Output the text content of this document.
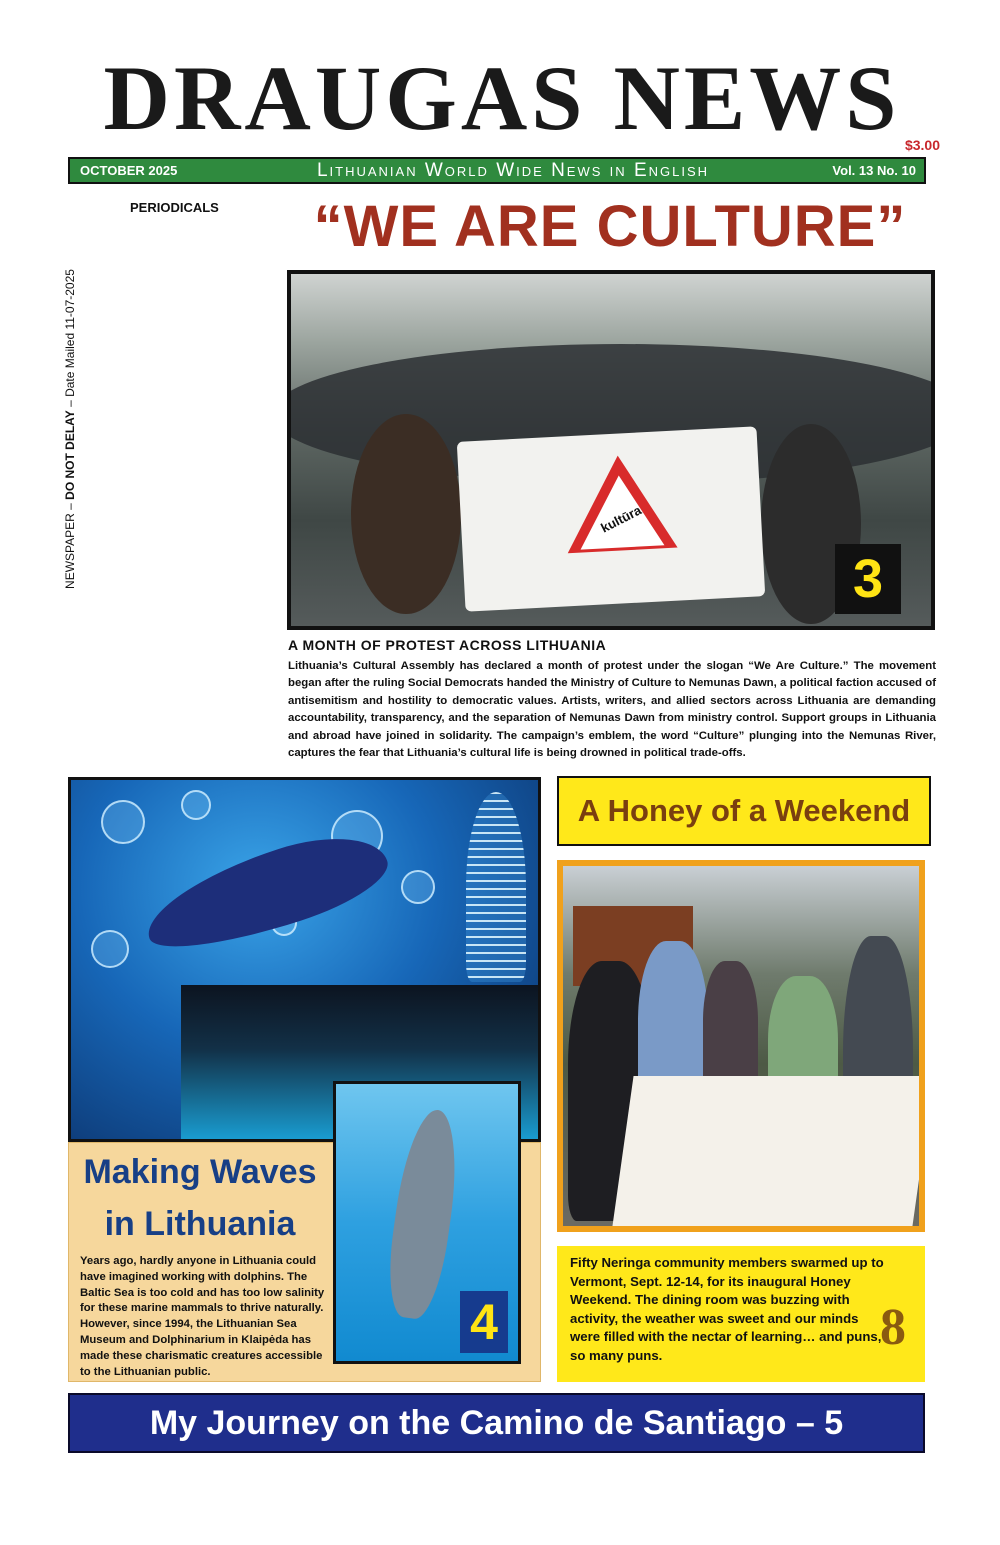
DRAUGAS NEWS $3.00
OCTOBER 2025	Lithuanian World Wide News in English	Vol. 13 No. 10
PERIODICALS
NEWSPAPER – DO NOT DELAY – Date Mailed 11-07-2025
“WE ARE CULTURE”
kultūra
3
A MONTH OF PROTEST ACROSS LITHUANIA
Lithuania’s Cultural Assembly has declared a month of protest under the slogan “We Are Culture.” The movement began after the ruling Social Democrats handed the Ministry of Culture to Nemunas Dawn, a political faction accused of antisemitism and hostility to democratic values. Artists, writers, and allied sectors across Lithuania are demanding accountability, transparency, and the separation of Nemunas Dawn from ministry control. Support groups in Lithuania and abroad have joined in solidarity. The campaign’s emblem, the word “Culture” plunging into the Nemunas River, captures the fear that Lithuania’s cultural life is being drowned in political trade-offs.
Making Waves
in Lithuania
Years ago, hardly anyone in Lithuania could have imagined working with dolphins. The Baltic Sea is too cold and has too low salinity for these marine mammals to thrive naturally. However, since 1994, the Lithuanian Sea Museum and Dolphinarium in Klaipėda has made these charismatic creatures accessible to the Lithuanian public.
4
A Honey of a Weekend
Fifty Neringa community members swarmed up to Vermont, Sept. 12-14, for its inaugural Honey Weekend. The dining room was buzzing with activity, the weather was sweet and our minds were filled with the nectar of learning… and puns, so many puns.	8
My Journey on the Camino de Santiago – 5
